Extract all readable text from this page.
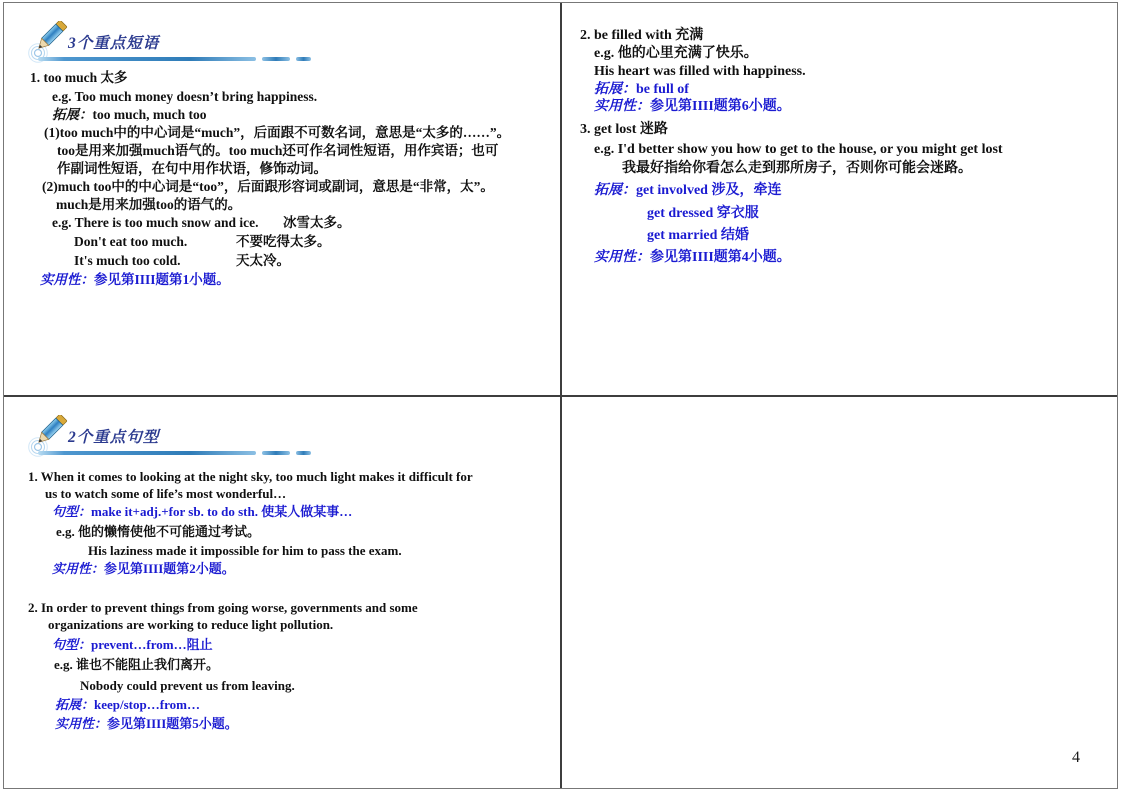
3个重点短语
1. too much 太多
e.g. Too much money doesn’t bring happiness.
拓展：too much, much too
(1)too much中的中心词是“much”，后面跟不可数名词，意思是“太多的……”。
too是用来加强much语气的。too much还可作名词性短语，用作宾语；也可
作副词性短语，在句中用作状语，修饰动词。
(2)much too中的中心词是“too”，后面跟形容词或副词，意思是“非常，太”。
much是用来加强too的语气的。
e.g. There is too much snow and ice. 冰雪太多。
Don't eat too much.	不要吃得太多。
It's much too cold.	天太冷。
实用性：参见第IIII题第1小题。
2. be filled with 充满
e.g. 他的心里充满了快乐。
His heart was filled with happiness.
拓展：be full of
实用性：参见第IIII题第6小题。
3. get lost 迷路
e.g. I'd better show you how to get to the house, or you might get lost
我最好指给你看怎么走到那所房子，否则你可能会迷路。
拓展：get involved 涉及，牵连
get dressed 穿衣服
get married 结婚
实用性：参见第IIII题第4小题。
2个重点句型
1. When it comes to looking at the night sky, too much light makes it difficult for
us to watch some of life’s most wonderful…
句型：make it+adj.+for sb. to do sth. 使某人做某事…
e.g. 他的懒惰使他不可能通过考试。
His laziness made it impossible for him to pass the exam.
实用性：参见第IIII题第2小题。
2. In order to prevent things from going worse, governments and some
organizations are working to reduce light pollution.
句型：prevent…from…阻止
e.g. 谁也不能阻止我们离开。
Nobody could prevent us from leaving.
拓展：keep/stop…from…
实用性：参见第IIII题第5小题。
4
